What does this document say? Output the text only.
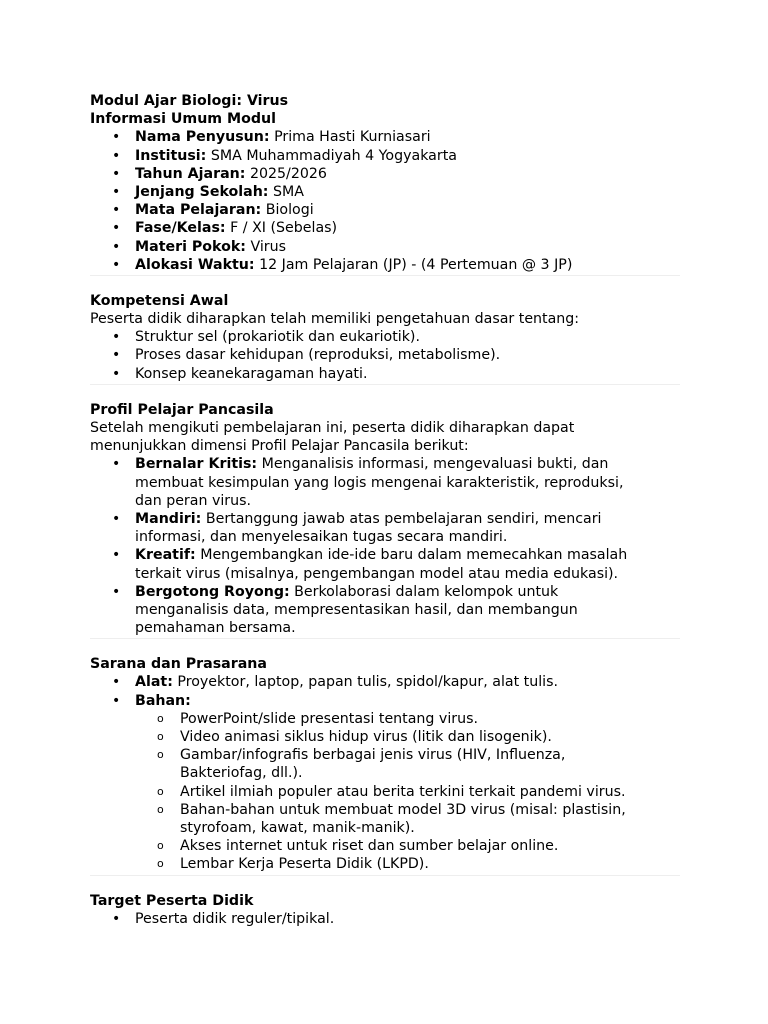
Modul Ajar Biologi: Virus
Informasi Umum Modul
• Nama Penyusun: Prima Hasti Kurniasari
• Institusi: SMA Muhammadiyah 4 Yogyakarta
• Tahun Ajaran: 2025/2026
• Jenjang Sekolah: SMA
• Mata Pelajaran: Biologi
• Fase/Kelas: F / XI (Sebelas)
• Materi Pokok: Virus
• Alokasi Waktu: 12 Jam Pelajaran (JP) - (4 Pertemuan @ 3 JP)
Kompetensi Awal
Peserta didik diharapkan telah memiliki pengetahuan dasar tentang:
• Struktur sel (prokariotik dan eukariotik).
• Proses dasar kehidupan (reproduksi, metabolisme).
• Konsep keanekaragaman hayati.
Profil Pelajar Pancasila
Setelah mengikuti pembelajaran ini, peserta didik diharapkan dapat
menunjukkan dimensi Profil Pelajar Pancasila berikut:
• Bernalar Kritis: Menganalisis informasi, mengevaluasi bukti, dan
membuat kesimpulan yang logis mengenai karakteristik, reproduksi,
dan peran virus.
• Mandiri: Bertanggung jawab atas pembelajaran sendiri, mencari
informasi, dan menyelesaikan tugas secara mandiri.
• Kreatif: Mengembangkan ide-ide baru dalam memecahkan masalah
terkait virus (misalnya, pengembangan model atau media edukasi).
• Bergotong Royong: Berkolaborasi dalam kelompok untuk
menganalisis data, mempresentasikan hasil, dan membangun
pemahaman bersama.
Sarana dan Prasarana
• Alat: Proyektor, laptop, papan tulis, spidol/kapur, alat tulis.
• Bahan:
o PowerPoint/slide presentasi tentang virus.
o Video animasi siklus hidup virus (litik dan lisogenik).
o Gambar/infografis berbagai jenis virus (HIV, Influenza,
Bakteriofag, dll.).
o Artikel ilmiah populer atau berita terkini terkait pandemi virus.
o Bahan-bahan untuk membuat model 3D virus (misal: plastisin,
styrofoam, kawat, manik-manik).
o Akses internet untuk riset dan sumber belajar online.
o Lembar Kerja Peserta Didik (LKPD).
Target Peserta Didik
• Peserta didik reguler/tipikal.
